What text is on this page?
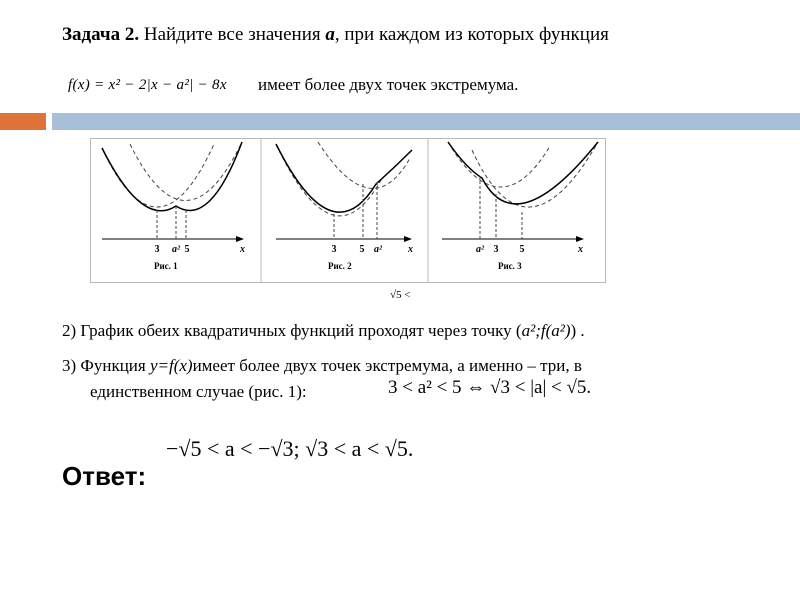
Задача 2. Найдите все значения a, при каждом из которых функция
f(x) = x² − 2|x − a²| − 8x имеет более двух точек экстремума.
3 a² 5	x
Рис. 1
3 5 a²	x
Рис. 2
a² 3 5	x
Рис. 3
√5 <
2) График обеих квадратичных функций проходят через точку (a²;f(a²)) .
3) Функция y=f(x)имеет более двух точек экстремума, а именно – три, в
единственном случае (рис. 1):	3 < a² < 5 ⇔ √3 < |a| < √5.
−√5 < a < −√3; √3 < a < √5.
Ответ:
